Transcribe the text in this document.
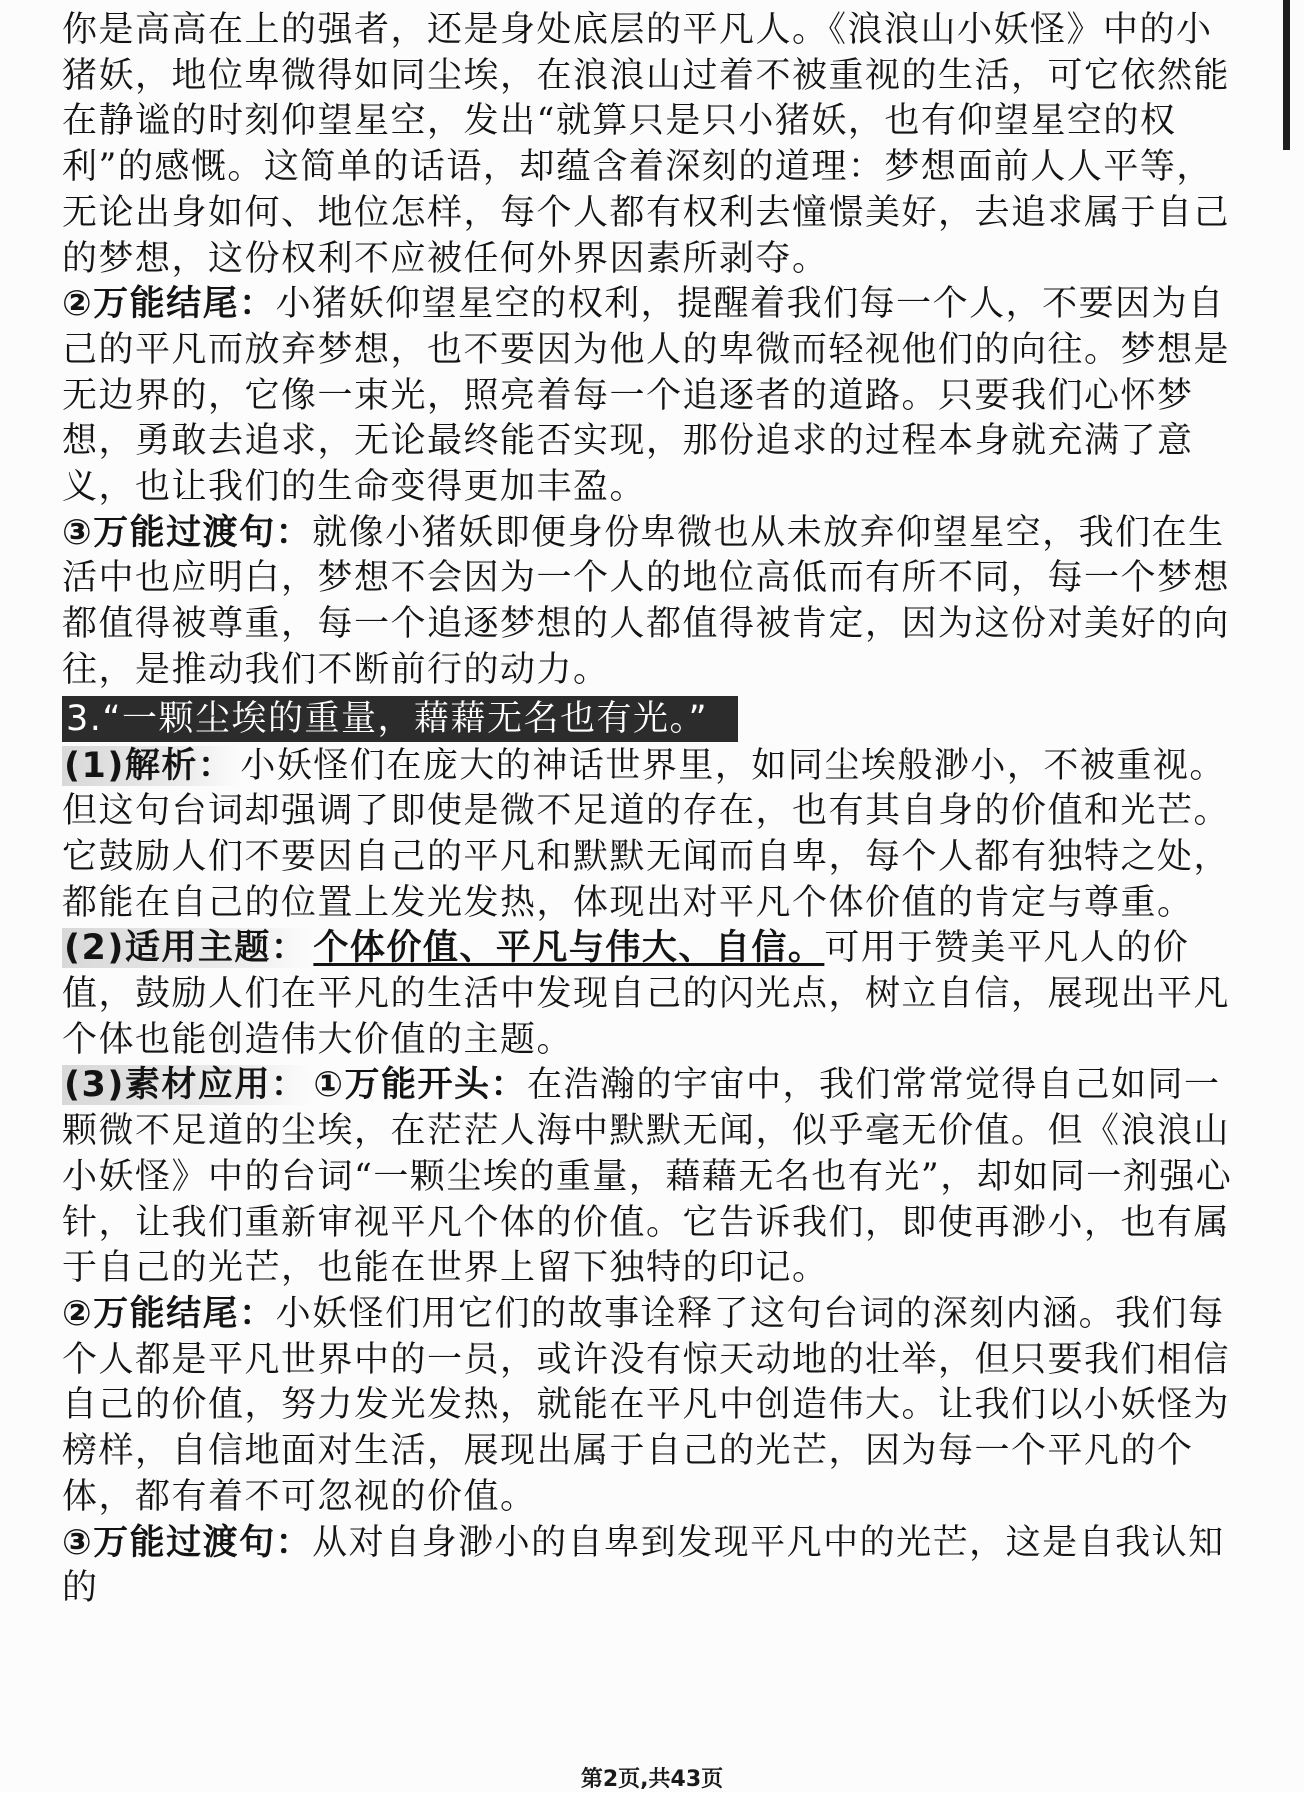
你是高高在上的强者，还是身处底层的平凡人。《浪浪山小妖怪》中的小猪妖，地位卑微得如同尘埃，在浪浪山过着不被重视的生活，可它依然能在静谧的时刻仰望星空，发出“就算只是只小猪妖，也有仰望星空的权利”的感慨。这简单的话语，却蕴含着深刻的道理：梦想面前人人平等，无论出身如何、地位怎样，每个人都有权利去憧憬美好，去追求属于自己的梦想，这份权利不应被任何外界因素所剥夺。

②万能结尾：小猪妖仰望星空的权利，提醒着我们每一个人，不要因为自己的平凡而放弃梦想，也不要因为他人的卑微而轻视他们的向往。梦想是无边界的，它像一束光，照亮着每一个追逐者的道路。只要我们心怀梦想，勇敢去追求，无论最终能否实现，那份追求的过程本身就充满了意义，也让我们的生命变得更加丰盈。

③万能过渡句：就像小猪妖即便身份卑微也从未放弃仰望星空，我们在生活中也应明白，梦想不会因为一个人的地位高低而有所不同，每一个梦想都值得被尊重，每一个追逐梦想的人都值得被肯定，因为这份对美好的向往，是推动我们不断前行的动力。

3.“一颗尘埃的重量，藉藉无名也有光。”

(1)解析： 小妖怪们在庞大的神话世界里，如同尘埃般渺小，不被重视。但这句台词却强调了即使是微不足道的存在，也有其自身的价值和光芒。它鼓励人们不要因自己的平凡和默默无闻而自卑，每个人都有独特之处，都能在自己的位置上发光发热，体现出对平凡个体价值的肯定与尊重。

(2)适用主题： 个体价值、平凡与伟大、自信。可用于赞美平凡人的价值，鼓励人们在平凡的生活中发现自己的闪光点，树立自信，展现出平凡个体也能创造伟大价值的主题。

(3)素材应用： ①万能开头：在浩瀚的宇宙中，我们常常觉得自己如同一颗微不足道的尘埃，在茫茫人海中默默无闻，似乎毫无价值。但《浪浪山小妖怪》中的台词“一颗尘埃的重量，藉藉无名也有光”，却如同一剂强心针，让我们重新审视平凡个体的价值。它告诉我们，即使再渺小，也有属于自己的光芒，也能在世界上留下独特的印记。

②万能结尾：小妖怪们用它们的故事诠释了这句台词的深刻内涵。我们每个人都是平凡世界中的一员，或许没有惊天动地的壮举，但只要我们相信自己的价值，努力发光发热，就能在平凡中创造伟大。让我们以小妖怪为榜样，自信地面对生活，展现出属于自己的光芒，因为每一个平凡的个体，都有着不可忽视的价值。

③万能过渡句：从对自身渺小的自卑到发现平凡中的光芒，这是自我认知的

第2页,共43页
